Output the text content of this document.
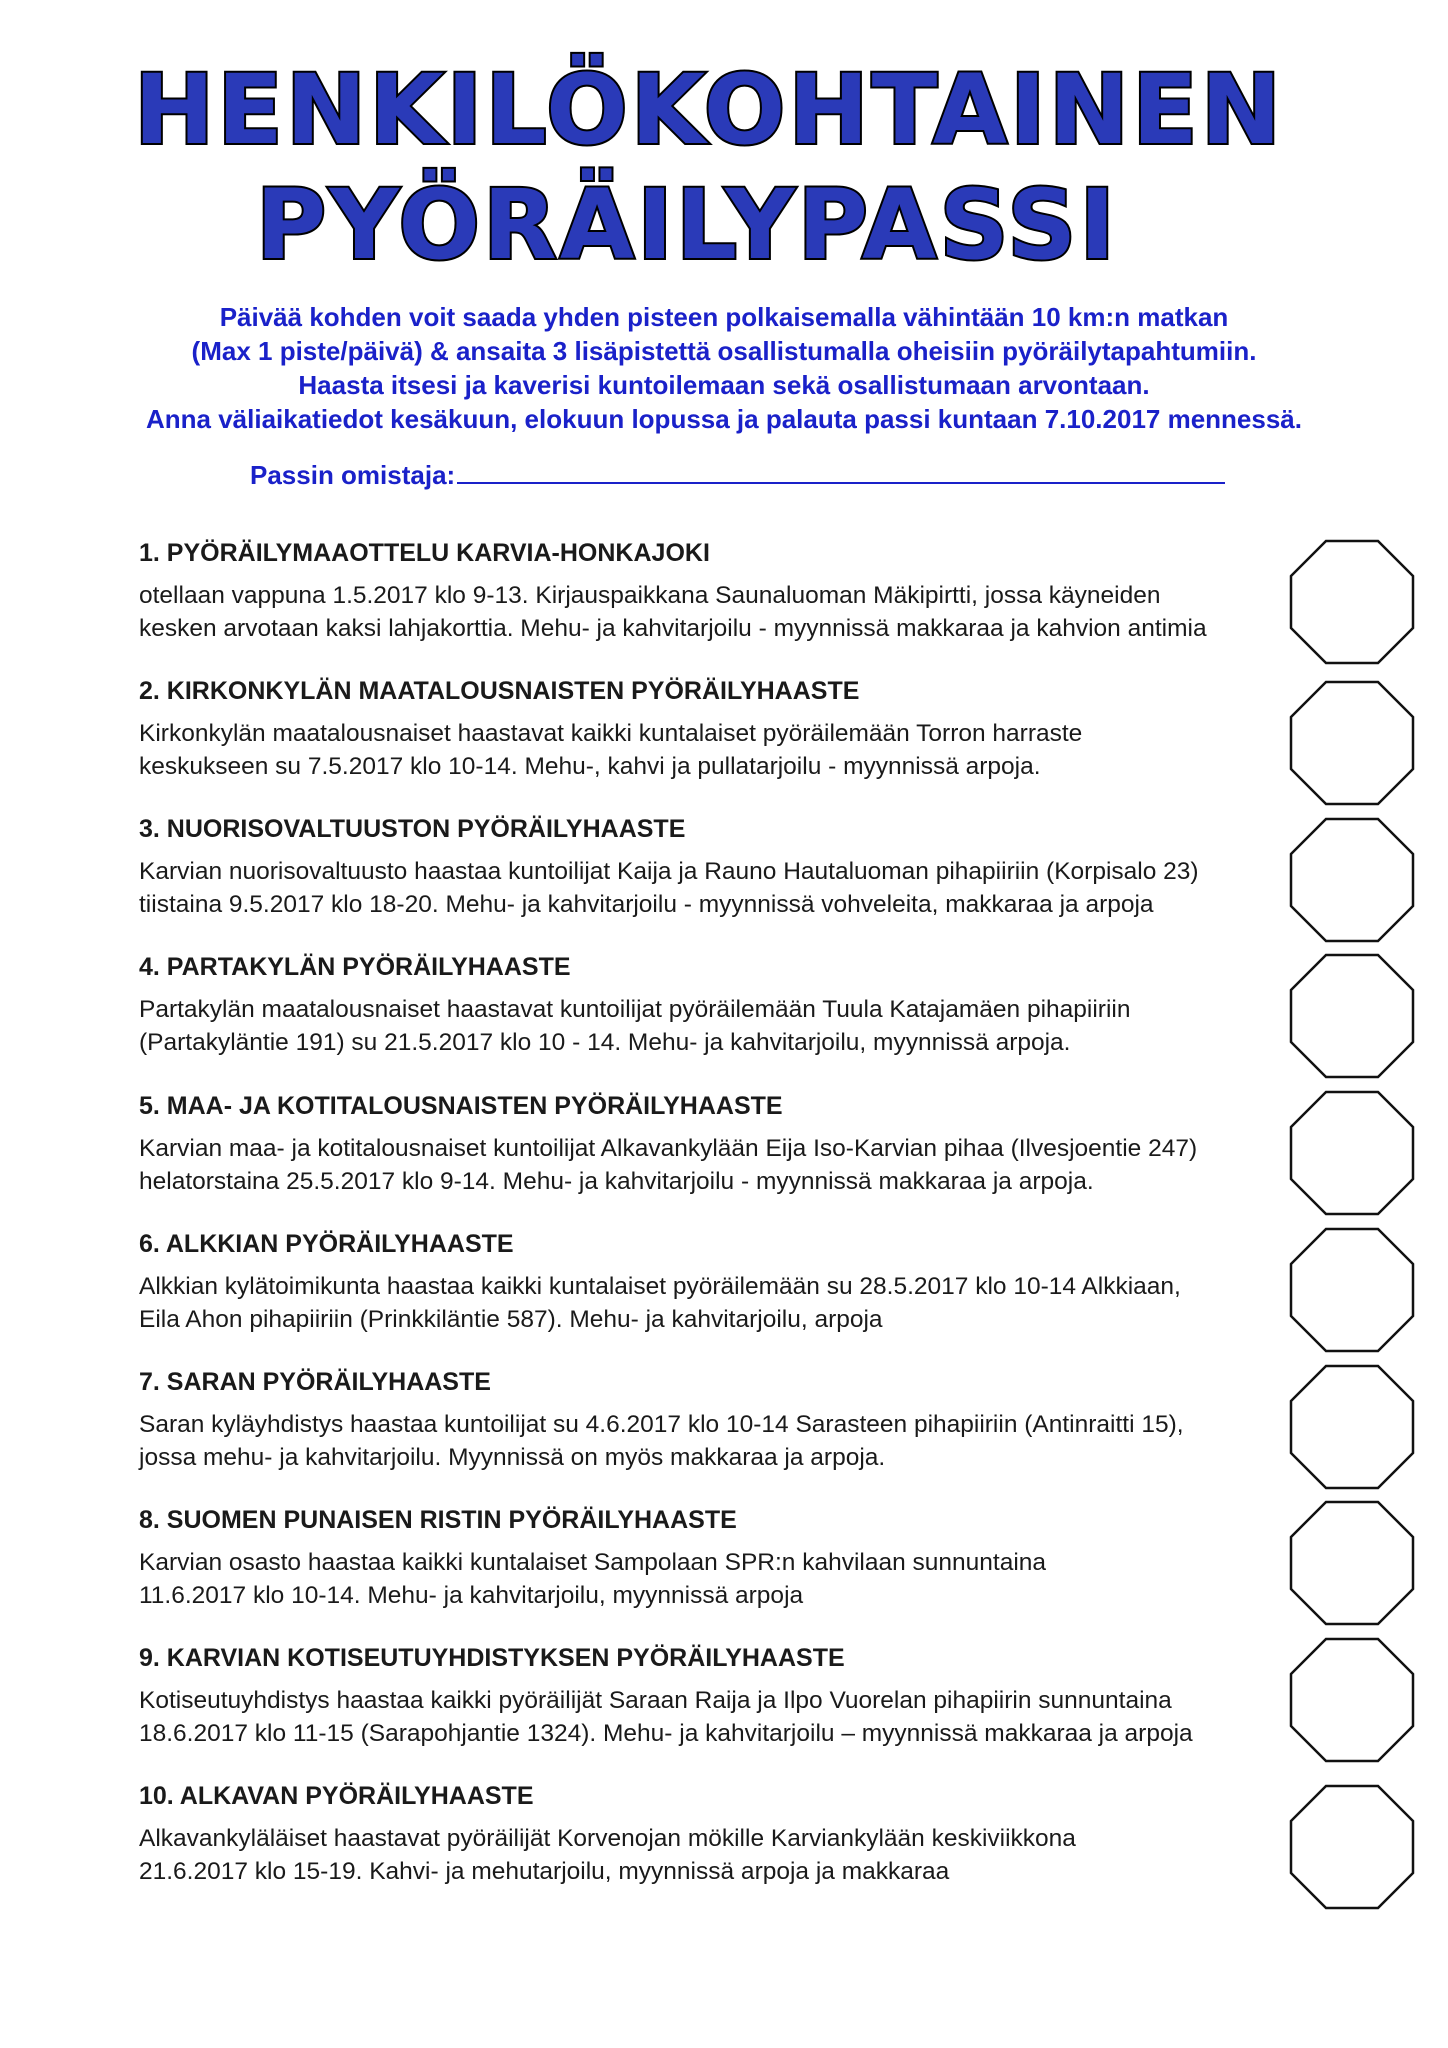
HENKILÖKOHTAINEN
PYÖRÄILYPASSI
Päivää kohden voit saada yhden pisteen polkaisemalla vähintään 10 km:n matkan
(Max 1 piste/päivä) & ansaita 3 lisäpistettä osallistumalla oheisiin pyöräilytapahtumiin.
Haasta itsesi ja kaverisi kuntoilemaan sekä osallistumaan arvontaan.
Anna väliaikatiedot kesäkuun, elokuun lopussa ja palauta passi kuntaan 7.10.2017 mennessä.
Passin omistaja:
1. PYÖRÄILYMAAOTTELU KARVIA-HONKAJOKI
otellaan vappuna 1.5.2017 klo 9-13. Kirjauspaikkana Saunaluoman Mäkipirtti, jossa käyneiden
kesken arvotaan kaksi lahjakorttia. Mehu- ja kahvitarjoilu - myynnissä makkaraa ja kahvion antimia
2. KIRKONKYLÄN MAATALOUSNAISTEN PYÖRÄILYHAASTE
Kirkonkylän maatalousnaiset haastavat kaikki kuntalaiset pyöräilemään Torron harraste
keskukseen su 7.5.2017 klo 10-14. Mehu-, kahvi ja pullatarjoilu - myynnissä arpoja.
3. NUORISOVALTUUSTON PYÖRÄILYHAASTE
Karvian nuorisovaltuusto haastaa kuntoilijat Kaija ja Rauno Hautaluoman pihapiiriin (Korpisalo 23)
tiistaina 9.5.2017 klo 18-20. Mehu- ja kahvitarjoilu - myynnissä vohveleita, makkaraa ja arpoja
4. PARTAKYLÄN PYÖRÄILYHAASTE
Partakylän maatalousnaiset haastavat kuntoilijat pyöräilemään Tuula Katajamäen pihapiiriin
(Partakyläntie 191) su 21.5.2017 klo 10 - 14. Mehu- ja kahvitarjoilu, myynnissä arpoja.
5. MAA- JA KOTITALOUSNAISTEN PYÖRÄILYHAASTE
Karvian maa- ja kotitalousnaiset kuntoilijat Alkavankylään Eija Iso-Karvian pihaa (Ilvesjoentie 247)
helatorstaina 25.5.2017 klo 9-14. Mehu- ja kahvitarjoilu - myynnissä makkaraa ja arpoja.
6. ALKKIAN PYÖRÄILYHAASTE
Alkkian kylätoimikunta haastaa kaikki kuntalaiset pyöräilemään su 28.5.2017 klo 10-14 Alkkiaan,
Eila Ahon pihapiiriin (Prinkkiläntie 587). Mehu- ja kahvitarjoilu, arpoja
7. SARAN PYÖRÄILYHAASTE
Saran kyläyhdistys haastaa kuntoilijat su 4.6.2017 klo 10-14 Sarasteen pihapiiriin (Antinraitti 15),
jossa mehu- ja kahvitarjoilu. Myynnissä on myös makkaraa ja arpoja.
8. SUOMEN PUNAISEN RISTIN PYÖRÄILYHAASTE
Karvian osasto haastaa kaikki kuntalaiset Sampolaan SPR:n kahvilaan sunnuntaina
11.6.2017 klo 10-14. Mehu- ja kahvitarjoilu, myynnissä arpoja
9. KARVIAN KOTISEUTUYHDISTYKSEN PYÖRÄILYHAASTE
Kotiseutuyhdistys haastaa kaikki pyöräilijät Saraan Raija ja Ilpo Vuorelan pihapiirin sunnuntaina
18.6.2017 klo 11-15 (Sarapohjantie 1324). Mehu- ja kahvitarjoilu – myynnissä makkaraa ja arpoja
10. ALKAVAN PYÖRÄILYHAASTE
Alkavankyläläiset haastavat pyöräilijät Korvenojan mökille Karviankylään keskiviikkona
21.6.2017 klo 15-19. Kahvi- ja mehutarjoilu, myynnissä arpoja ja makkaraa
